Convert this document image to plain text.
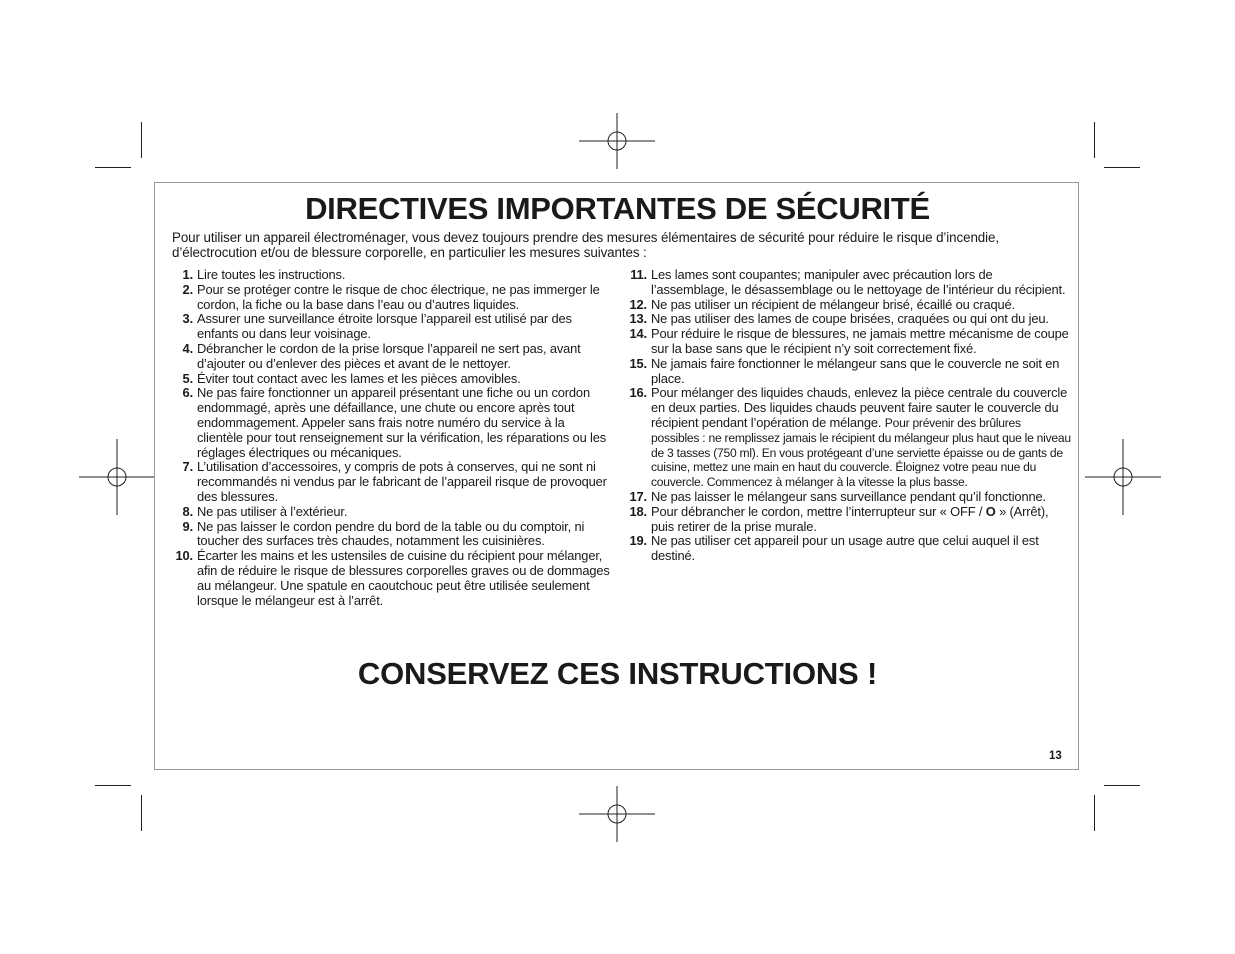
DIRECTIVES IMPORTANTES DE SÉCURITÉ

Pour utiliser un appareil électroménager, vous devez toujours prendre des mesures élémentaires de sécurité pour réduire le risque d’incendie, d’électrocution et/ou de blessure corporelle, en particulier les mesures suivantes :

1. Lire toutes les instructions.
2. Pour se protéger contre le risque de choc électrique, ne pas immerger le cordon, la fiche ou la base dans l’eau ou d’autres liquides.
3. Assurer une surveillance étroite lorsque l’appareil est utilisé par des enfants ou dans leur voisinage.
4. Débrancher le cordon de la prise lorsque l’appareil ne sert pas, avant d’ajouter ou d’enlever des pièces et avant de le nettoyer.
5. Éviter tout contact avec les lames et les pièces amovibles.
6. Ne pas faire fonctionner un appareil présentant une fiche ou un cordon endommagé, après une défaillance, une chute ou encore après tout endommagement. Appeler sans frais notre numéro du service à la clientèle pour tout renseignement sur la vérification, les réparations ou les réglages électriques ou mécaniques.
7. L’utilisation d’accessoires, y compris de pots à conserves, qui ne sont ni recommandés ni vendus par le fabricant de l’appareil risque de provoquer des blessures.
8. Ne pas utiliser à l’extérieur.
9. Ne pas laisser le cordon pendre du bord de la table ou du comptoir, ni toucher des surfaces très chaudes, notamment les cuisinières.
10. Écarter les mains et les ustensiles de cuisine du récipient pour mélanger, afin de réduire le risque de blessures corporelles graves ou de dommages au mélangeur. Une spatule en caoutchouc peut être utilisée seulement lorsque le mélangeur est à l’arrêt.
11. Les lames sont coupantes; manipuler avec précaution lors de l’assemblage, le désassemblage ou le nettoyage de l’intérieur du récipient.
12. Ne pas utiliser un récipient de mélangeur brisé, écaillé ou craqué.
13. Ne pas utiliser des lames de coupe brisées, craquées ou qui ont du jeu.
14. Pour réduire le risque de blessures, ne jamais mettre mécanisme de coupe sur la base sans que le récipient n’y soit correctement fixé.
15. Ne jamais faire fonctionner le mélangeur sans que le couvercle ne soit en place.
16. Pour mélanger des liquides chauds, enlevez la pièce centrale du couvercle en deux parties. Des liquides chauds peuvent faire sauter le couvercle du récipient pendant l’opération de mélange. Pour prévenir des brûlures possibles : ne remplissez jamais le récipient du mélangeur plus haut que le niveau de 3 tasses (750 ml). En vous protégeant d’une serviette épaisse ou de gants de cuisine, mettez une main en haut du couvercle. Éloignez votre peau nue du couvercle. Commencez à mélanger à la vitesse la plus basse.
17. Ne pas laisser le mélangeur sans surveillance pendant qu’il fonctionne.
18. Pour débrancher le cordon, mettre l’interrupteur sur « OFF / O » (Arrêt), puis retirer de la prise murale.
19. Ne pas utiliser cet appareil pour un usage autre que celui auquel il est destiné.
CONSERVEZ CES INSTRUCTIONS !
13
